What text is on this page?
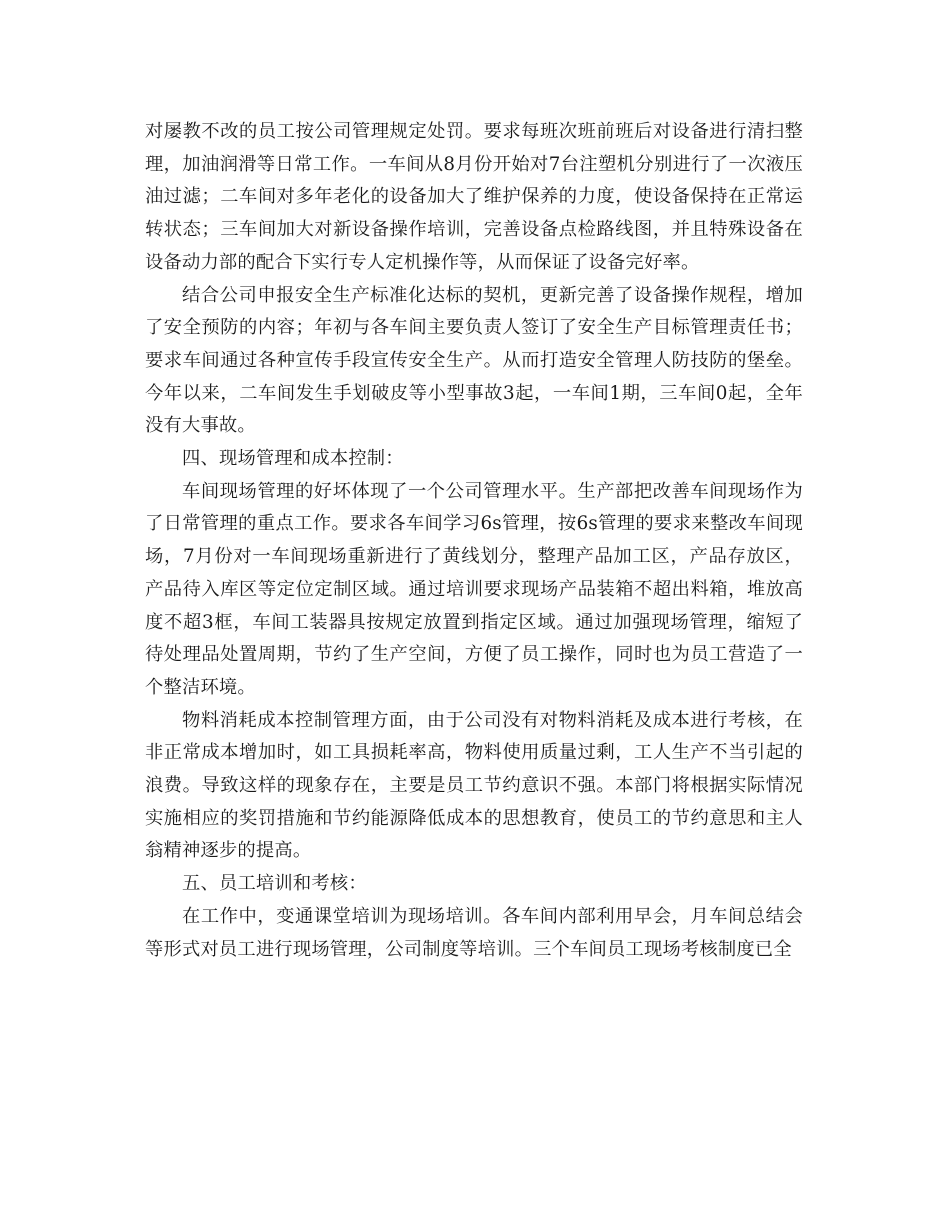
对屡教不改的员工按公司管理规定处罚。要求每班次班前班后对设备进行清扫整理，加油润滑等日常工作。一车间从8月份开始对7台注塑机分别进行了一次液压油过滤；二车间对多年老化的设备加大了维护保养的力度，使设备保持在正常运转状态；三车间加大对新设备操作培训，完善设备点检路线图，并且特殊设备在设备动力部的配合下实行专人定机操作等，从而保证了设备完好率。

结合公司申报安全生产标准化达标的契机，更新完善了设备操作规程，增加了安全预防的内容；年初与各车间主要负责人签订了安全生产目标管理责任书；要求车间通过各种宣传手段宣传安全生产。从而打造安全管理人防技防的堡垒。今年以来，二车间发生手划破皮等小型事故3起，一车间1期，三车间0起，全年没有大事故。

四、现场管理和成本控制：

车间现场管理的好坏体现了一个公司管理水平。生产部把改善车间现场作为了日常管理的重点工作。要求各车间学习6s管理，按6s管理的要求来整改车间现场，7月份对一车间现场重新进行了黄线划分，整理产品加工区，产品存放区，产品待入库区等定位定制区域。通过培训要求现场产品装箱不超出料箱，堆放高度不超3框，车间工装器具按规定放置到指定区域。通过加强现场管理，缩短了待处理品处置周期，节约了生产空间，方便了员工操作，同时也为员工营造了一个整洁环境。

物料消耗成本控制管理方面，由于公司没有对物料消耗及成本进行考核，在非正常成本增加时，如工具损耗率高，物料使用质量过剩，工人生产不当引起的浪费。导致这样的现象存在，主要是员工节约意识不强。本部门将根据实际情况实施相应的奖罚措施和节约能源降低成本的思想教育，使员工的节约意思和主人翁精神逐步的提高。

五、员工培训和考核：

在工作中，变通课堂培训为现场培训。各车间内部利用早会，月车间总结会等形式对员工进行现场管理，公司制度等培训。三个车间员工现场考核制度已全
